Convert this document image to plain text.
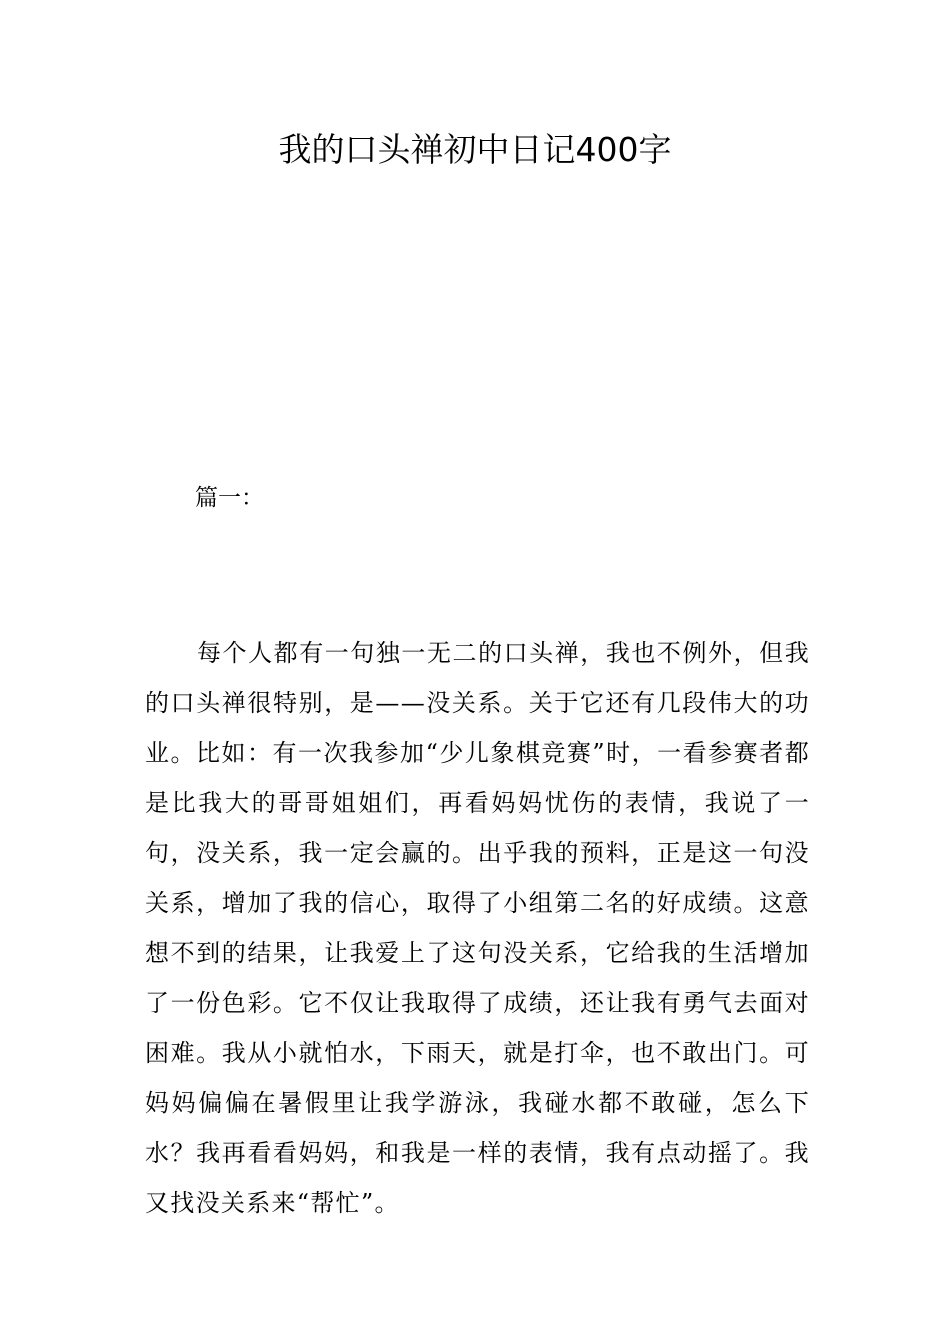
我的口头禅初中日记400字
篇一：

每个人都有一句独一无二的口头禅，我也不例外，但我的口头禅很特别，是——没关系。关于它还有几段伟大的功业。比如：有一次我参加“少儿象棋竞赛”时，一看参赛者都是比我大的哥哥姐姐们，再看妈妈忧伤的表情，我说了一句，没关系，我一定会赢的。出乎我的预料，正是这一句没关系，增加了我的信心，取得了小组第二名的好成绩。这意想不到的结果，让我爱上了这句没关系，它给我的生活增加了一份色彩。它不仅让我取得了成绩，还让我有勇气去面对困难。我从小就怕水，下雨天，就是打伞，也不敢出门。可妈妈偏偏在暑假里让我学游泳，我碰水都不敢碰，怎么下水？我再看看妈妈，和我是一样的表情，我有点动摇了。我又找没关系来“帮忙”。
